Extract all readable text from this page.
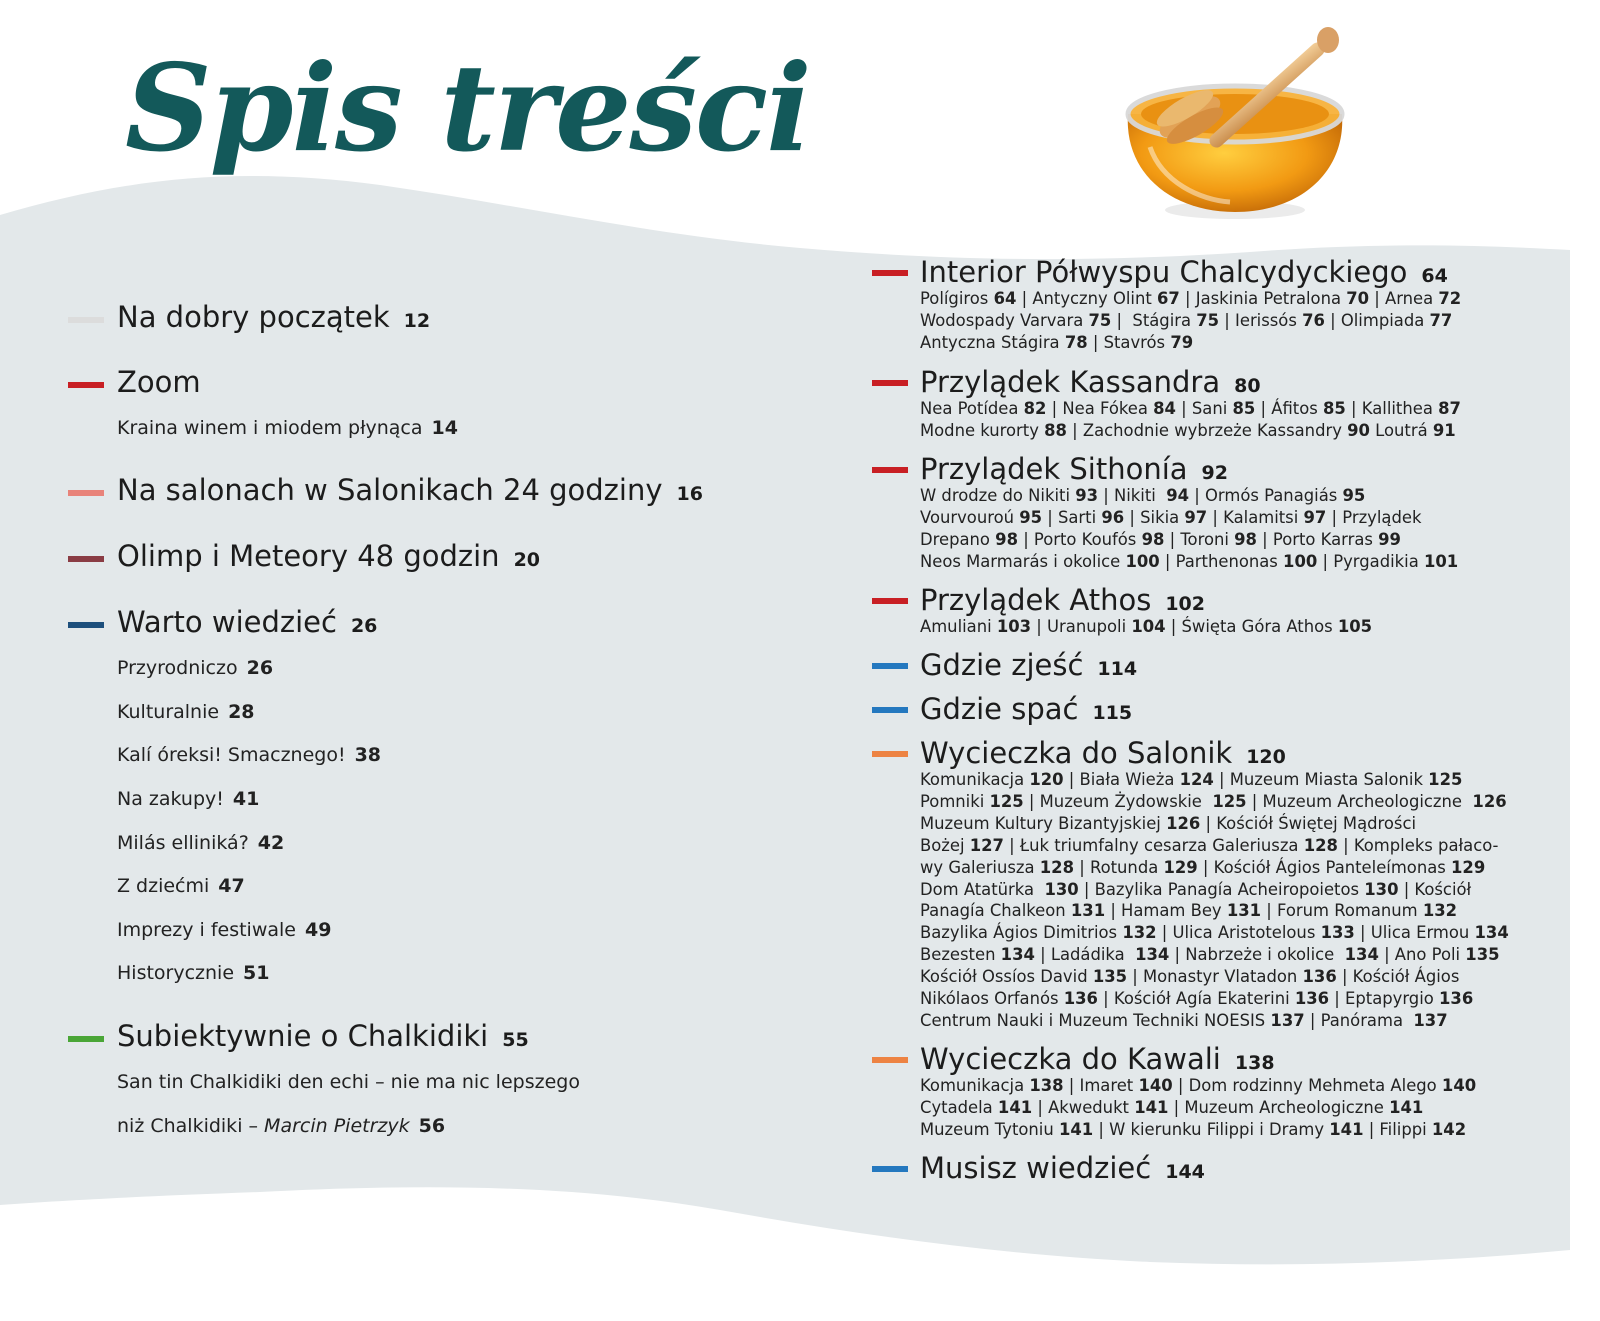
Spis treści
Na dobry początek 12
Zoom
Na salonach w Salonikach 24 godziny 16
Olimp i Meteory 48 godzin 20
Warto wiedzieć 26
Subiektywnie o Chalkidiki 55
Interior Półwyspu Chalcydyckiego 64
Polígiros 64 | Antyczny Olint 67 | Jaskinia Petralona 70 | Arnea 72
Wodospady Varvara 75 |  Stágira 75 | Ierissós 76 | Olimpiada 77
Antyczna Stágira 78 | Stavrós 79
Przylądek Kassandra 80
Nea Potídea 82 | Nea Fókea 84 | Sani 85 | Áfitos 85 | Kallithea 87
Modne kurorty 88 | Zachodnie wybrzeże Kassandry 90 Loutrá 91
Przylądek Sithonía 92
W drodze do Nikiti 93 | Nikiti  94 | Ormós Panagiás 95
Vourvouroú 95 | Sarti 96 | Sikia 97 | Kalamitsi 97 | Przylądek
Drepano 98 | Porto Koufós 98 | Toroni 98 | Porto Karras 99
Neos Marmarás i okolice 100 | Parthenonas 100 | Pyrgadikia 101
Przylądek Athos 102
Amuliani 103 | Uranupoli 104 | Święta Góra Athos 105
Gdzie zjeść 114
Gdzie spać 115
Wycieczka do Salonik 120
Komunikacja 120 | Biała Wieża 124 | Muzeum Miasta Salonik 125
Pomniki 125 | Muzeum Żydowskie  125 | Muzeum Archeologiczne  126
Muzeum Kultury Bizantyjskiej 126 | Kościół Świętej Mądrości
Bożej 127 | Łuk triumfalny cesarza Galeriusza 128 | Kompleks pałaco-
wy Galeriusza 128 | Rotunda 129 | Kościół Ágios Panteleímonas 129
Dom Atatürka  130 | Bazylika Panagía Acheiropoietos 130 | Kościół
Panagía Chalkeon 131 | Hamam Bey 131 | Forum Romanum 132
Bazylika Ágios Dimitrios 132 | Ulica Aristotelous 133 | Ulica Ermou 134
Bezesten 134 | Ladádika  134 | Nabrzeże i okolice  134 | Ano Poli 135
Kościół Ossíos David 135 | Monastyr Vlatadon 136 | Kościół Ágios
Nikólaos Orfanós 136 | Kościół Agía Ekaterini 136 | Eptapyrgio 136
Centrum Nauki i Muzeum Techniki NOESIS 137 | Panórama  137
Wycieczka do Kawali 138
Komunikacja 138 | Imaret 140 | Dom rodzinny Mehmeta Alego 140
Cytadela 141 | Akwedukt 141 | Muzeum Archeologiczne 141
Muzeum Tytoniu 141 | W kierunku Filippi i Dramy 141 | Filippi 142
Musisz wiedzieć 144
Kraina winem i miodem płynąca 14
Przyrodniczo 26
Kulturalnie 28
Kalí óreksi! Smacznego! 38
Na zakupy! 41
Milás elliniká? 42
Z dziećmi 47
Imprezy i festiwale 49
Historycznie 51
San tin Chalkidiki den echi – nie ma nic lepszego
niż Chalkidiki – Marcin Pietrzyk 56
